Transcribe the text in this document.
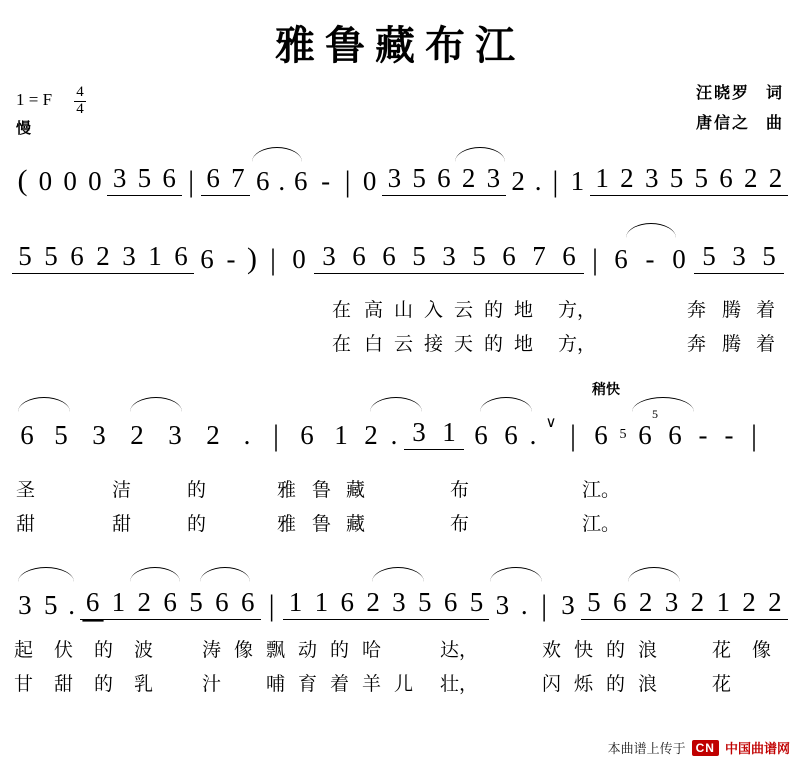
雅鲁藏布江
1 = F $\frac{4}{4}$
慢
汪晓罗 词
唐信之 曲
( 0 0 0 3 5 6 | 6 7 6 . 6 - | 0 3 5 6 2 3 2 . | 1 1 2 3 5 5 6 2 2
5 5 6 2 3 1 6 6 - ) | 0 3 6 6 5 3 5 6 7 6 | 6 - 0 5 3 5
在 高 山 入 云 的 地 方，	奔 腾 着
在 白 云 接 天 的 地 方，	奔 腾 着
稍快
5
6 5 3 2 3 2 . | 6 1 2 . 3 1 6 6 . ∨ | 6 5 6 6 - - |
圣	洁	的	雅 鲁 藏	布	江。
甜	甜	的	雅 鲁 藏	布	江。
3 5 . 6 1 2 6 5 6 6 | 1 1 6 2 3 5 6 5 3 . | 3 5 6 2 3 2 1 2 2
起 伏 的 波	涛 像 飘 动 的 哈	达，	欢 快 的 浪	花 像
甘 甜 的 乳	汁 哺 育 着 羊 儿 壮，	闪 烁 的 浪	花
本曲谱上传于 CN 中国曲谱网
